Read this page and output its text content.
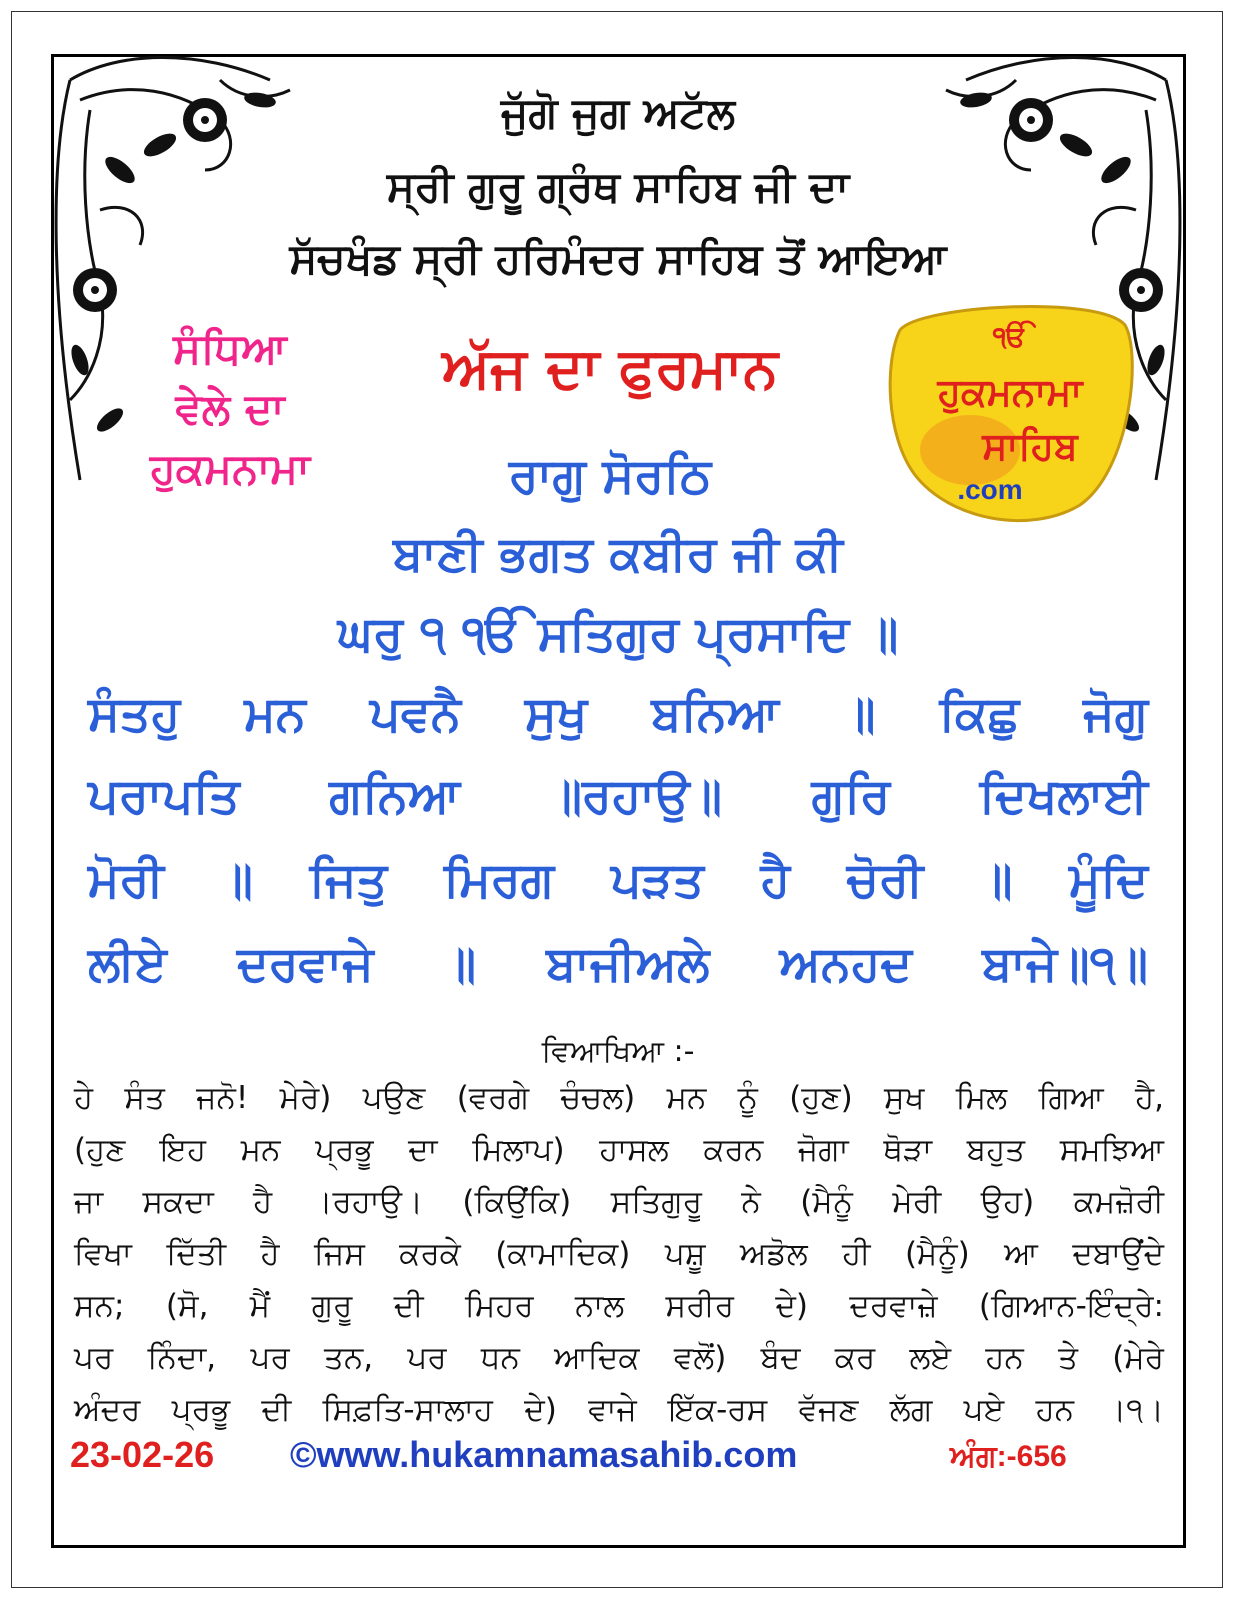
ਜੁੱਗੋ ਜੁਗ ਅਟੱਲ
ਸ੍ਰੀ ਗੁਰੂ ਗ੍ਰੰਥ ਸਾਹਿਬ ਜੀ ਦਾ
ਸੱਚਖੰਡ ਸ੍ਰੀ ਹਰਿਮੰਦਰ ਸਾਹਿਬ ਤੋਂ ਆਇਆ
ਅੱਜ ਦਾ ਫੁਰਮਾਨ
ਸੰਧਿਆ
ਵੇਲੇ ਦਾ
ਹੁਕਮਨਾਮਾ
ੴ
ਹੁਕਮਨਾਮਾ
ਸਾਹਿਬ
.com
ਰਾਗੁ ਸੋਰਠਿ
ਬਾਣੀ ਭਗਤ ਕਬੀਰ ਜੀ ਕੀ
ਘਰੁ ੧ ੴ ਸਤਿਗੁਰ ਪ੍ਰਸਾਦਿ ॥
ਸੰਤਹੁ ਮਨ ਪਵਨੈ ਸੁਖੁ ਬਨਿਆ ॥ ਕਿਛੁ ਜੋਗੁ
ਪਰਾਪਤਿ ਗਨਿਆ ॥ਰਹਾਉ॥ ਗੁਰਿ ਦਿਖਲਾਈ
ਮੋਰੀ ॥ ਜਿਤੁ ਮਿਰਗ ਪੜਤ ਹੈ ਚੋਰੀ ॥ ਮੂੰਦਿ
ਲੀਏ ਦਰਵਾਜੇ ॥ ਬਾਜੀਅਲੇ ਅਨਹਦ ਬਾਜੇ॥੧॥
ਵਿਆਖਿਆ :-
ਹੇ ਸੰਤ ਜਨੋ! ਮੇਰੇ) ਪਉਣ (ਵਰਗੇ ਚੰਚਲ) ਮਨ ਨੂੰ (ਹੁਣ) ਸੁਖ ਮਿਲ ਗਿਆ ਹੈ,
(ਹੁਣ ਇਹ ਮਨ ਪ੍ਰਭੂ ਦਾ ਮਿਲਾਪ) ਹਾਸਲ ਕਰਨ ਜੋਗਾ ਥੋੜਾ ਬਹੁਤ ਸਮਝਿਆ
ਜਾ ਸਕਦਾ ਹੈ ।ਰਹਾਉ। (ਕਿਉਂਕਿ) ਸਤਿਗੁਰੂ ਨੇ (ਮੈਨੂੰ ਮੇਰੀ ਉਹ) ਕਮਜ਼ੋਰੀ
ਵਿਖਾ ਦਿੱਤੀ ਹੈ ਜਿਸ ਕਰਕੇ (ਕਾਮਾਦਿਕ) ਪਸ਼ੂ ਅਡੋਲ ਹੀ (ਮੈਨੂੰ) ਆ ਦਬਾਉਂਦੇ
ਸਨ; (ਸੋ, ਮੈਂ ਗੁਰੂ ਦੀ ਮਿਹਰ ਨਾਲ ਸਰੀਰ ਦੇ) ਦਰਵਾਜ਼ੇ (ਗਿਆਨ-ਇੰਦ੍ਰੇ:
ਪਰ ਨਿੰਦਾ, ਪਰ ਤਨ, ਪਰ ਧਨ ਆਦਿਕ ਵਲੋਂ) ਬੰਦ ਕਰ ਲਏ ਹਨ ਤੇ (ਮੇਰੇ
ਅੰਦਰ ਪ੍ਰਭੂ ਦੀ ਸਿਫ਼ਤਿ-ਸਾਲਾਹ ਦੇ) ਵਾਜੇ ਇੱਕ-ਰਸ ਵੱਜਣ ਲੱਗ ਪਏ ਹਨ ।੧।
23-02-26 ©www.hukamnamasahib.com	ਅੰਗ:-656
